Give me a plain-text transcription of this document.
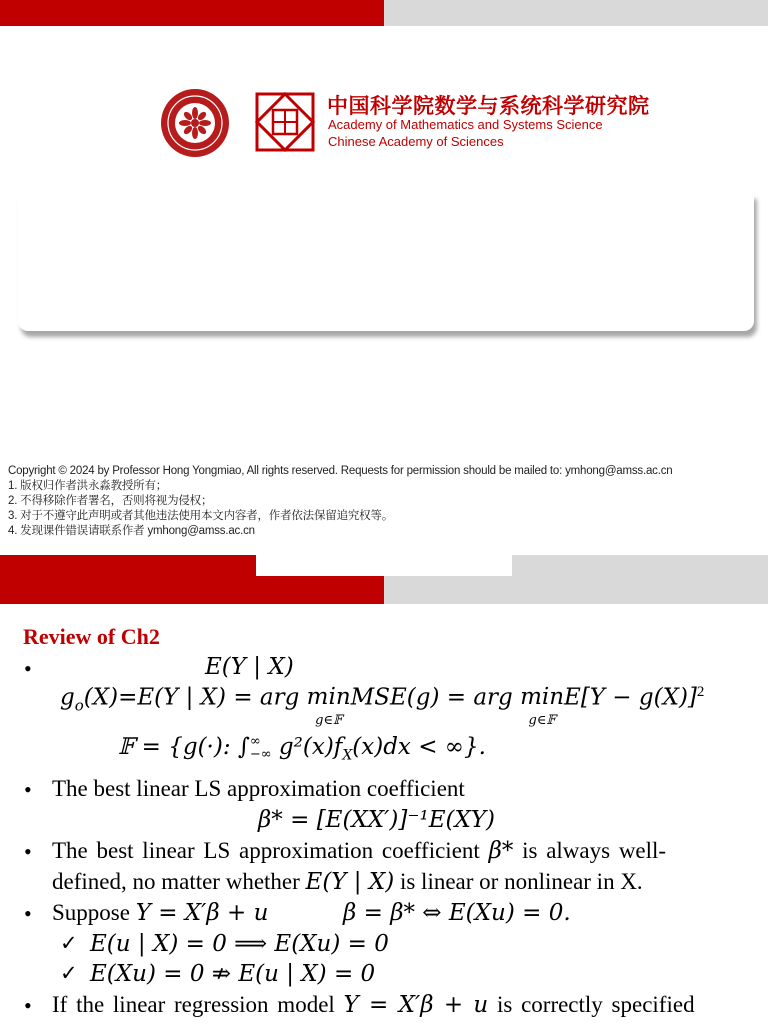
中国科学院数学与系统科学研究院
Academy of Mathematics and Systems Science
Chinese Academy of Sciences
Copyright © 2024 by Professor Hong Yongmiao, All rights reserved. Requests for permission should be mailed to: ymhong@amss.ac.cn
1. 版权归作者洪永淼教授所有；
2. 不得移除作者署名，否则将视为侵权；
3. 对于不遵守此声明或者其他违法使用本文内容者，作者依法保留追究权等。
4. 发现课件错误请联系作者 ymhong@amss.ac.cn
Review of Ch2
•	E(Y | X)
$g_o(X)=E(Y$ | X) = arg min
$^{g\in 𝔽}$MSE(g) = arg min
$^{g\in 𝔽}E[Y - g(X)]^2$
𝔽 = {g(·): ∫∞
−∞ $g^2(x)f_X(x)dx$ < ∞}.
• The best linear LS approximation coefficient
β* = [E(XX′)]⁻¹E(XY)
• The best linear LS approximation coefficient β* is always well-
defined, no matter whether E(Y | X) is linear or nonlinear in X.
• Suppose Y = X′β + u	β = β* ⇔ E(Xu) = 0.
✓ E(u | X) = 0 ⟹ E(Xu) = 0
✓ E(Xu) = 0 ⇏ E(u | X) = 0
• If the linear regression model Y = X′β + u is correctly specified
